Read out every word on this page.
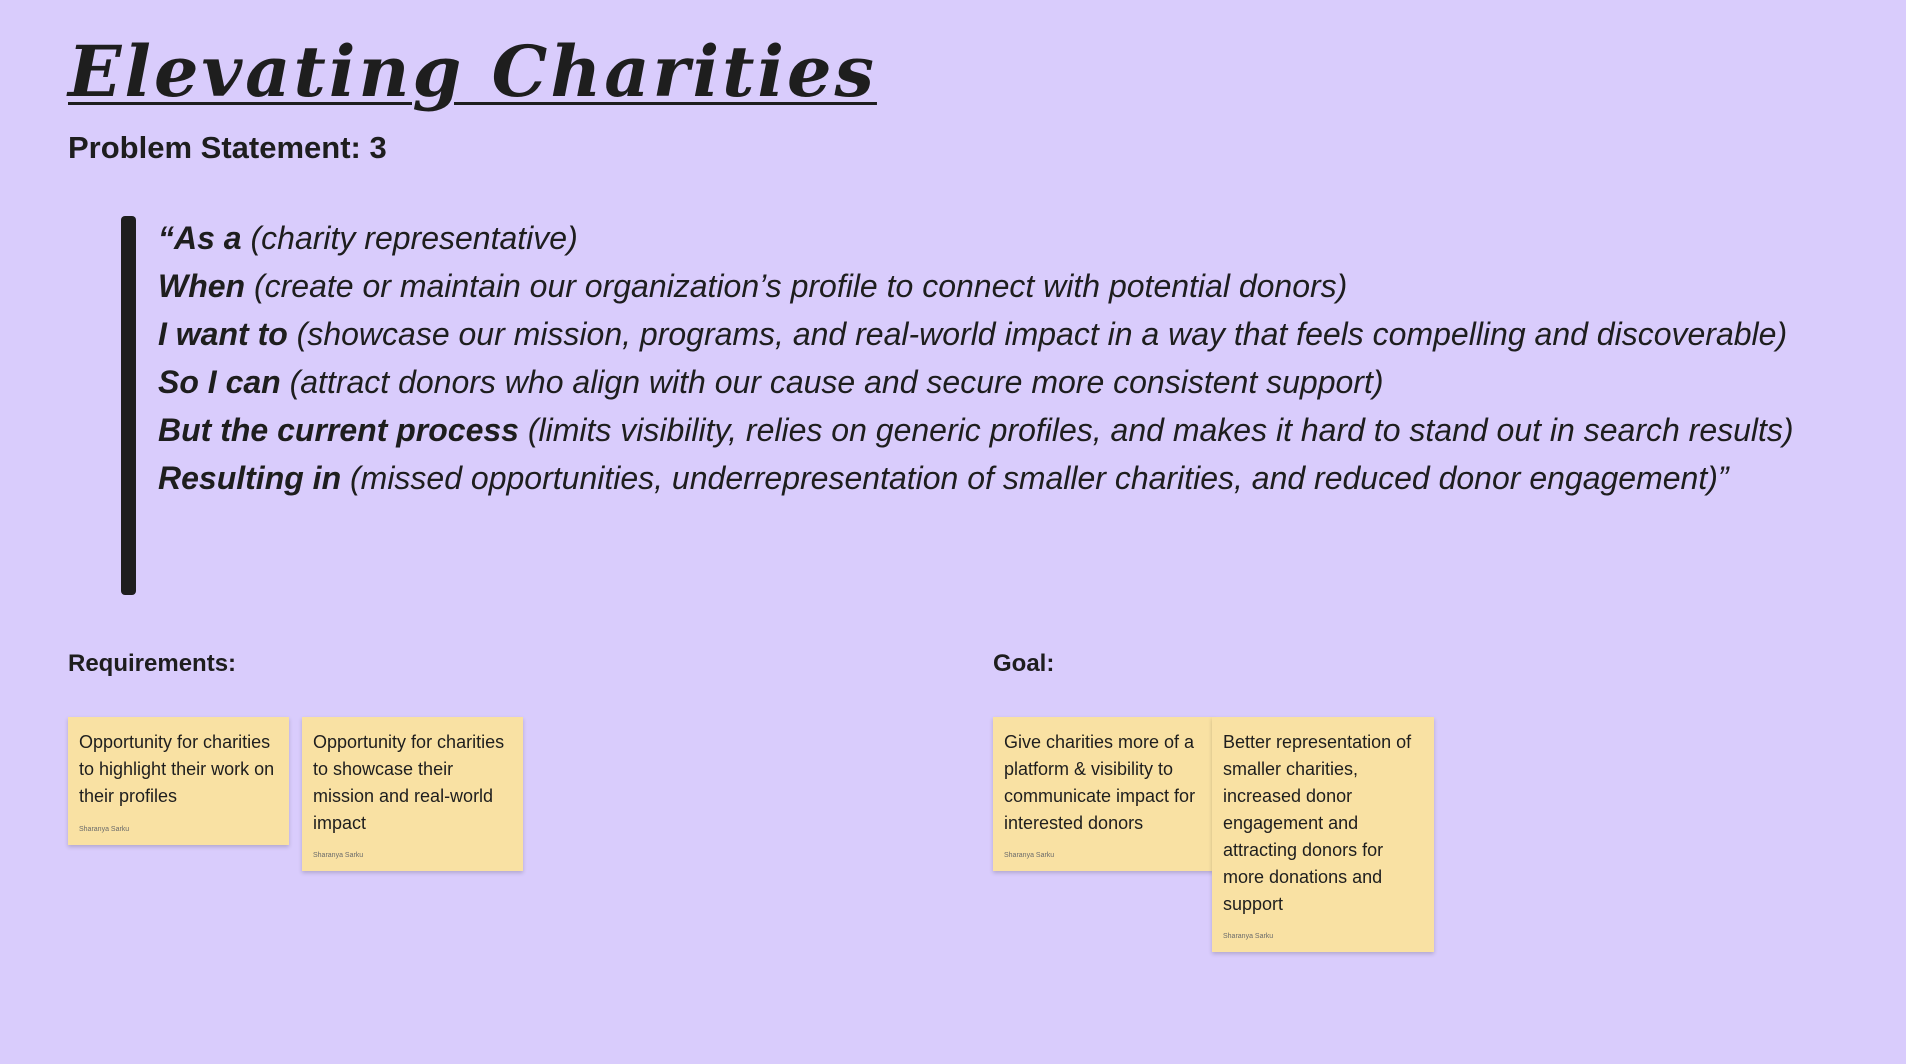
Elevating Charities
Problem Statement: 3
“As a (charity representative)
When (create or maintain our organization’s profile to connect with potential donors)
I want to (showcase our mission, programs, and real-world impact in a way that feels compelling and discoverable)
So I can (attract donors who align with our cause and secure more consistent support)
But the current process (limits visibility, relies on generic profiles, and makes it hard to stand out in search results)
Resulting in (missed opportunities, underrepresentation of smaller charities, and reduced donor engagement)”
Requirements:	Goal:
Opportunity for charities to highlight their work on their profiles
Sharanya Sarku
Opportunity for charities to showcase their mission and real-world impact
Sharanya Sarku
Give charities more of a platform & visibility to communicate impact for interested donors
Sharanya Sarku
Better representation of smaller charities, increased donor engagement and attracting donors for more donations and support
Sharanya Sarku
